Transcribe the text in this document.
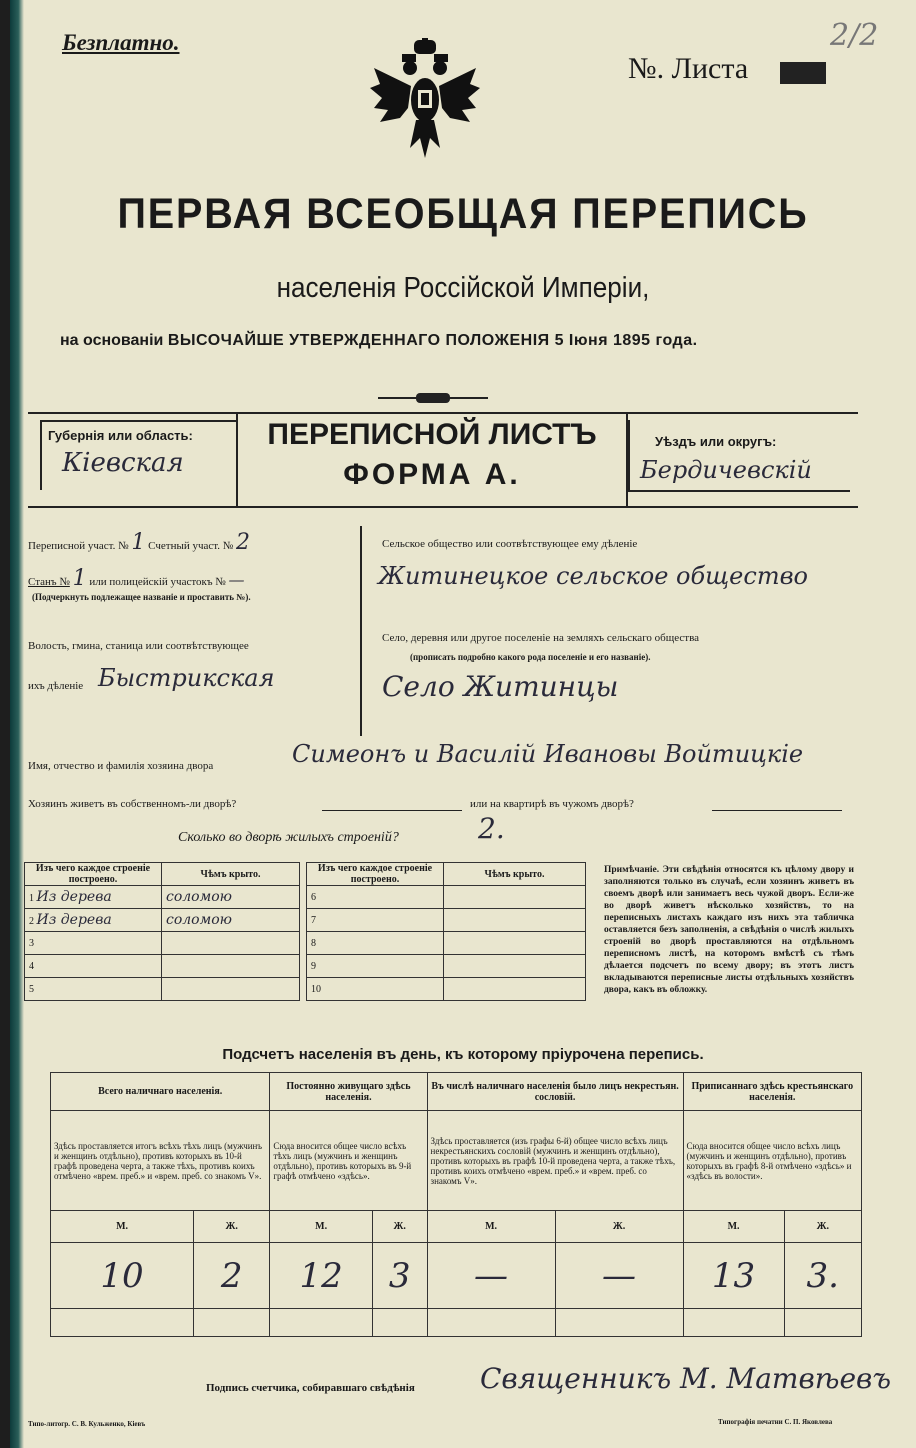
Безплатно.
№. Листа
2/2
ПЕРВАЯ ВСЕОБЩАЯ ПЕРЕПИСЬ
населенія Россійской Имперіи,
на основаніи ВЫСОЧАЙШЕ УТВЕРЖДЕННАГО ПОЛОЖЕНІЯ 5 Іюня 1895 года.
Губернія или область:
Кіевская
ПЕРЕПИСНОЙ ЛИСТЪ
ФОРМА А.
Уѣздъ или округъ:
Бердичевскій
Переписной участ. № 1 Счетный участ. № 2
Станъ № 1 или полицейскій участокъ № —
(Подчеркнуть подлежащее названіе и проставить №).
Волость, гмина, станица или соотвѣтствующее
ихъ дѣленіе Быстрикская
Сельское общество или соотвѣтствующее ему дѣленіе
Житинецкое сельское общество
Село, деревня или другое поселеніе на земляхъ сельскаго общества
(прописать подробно какого рода поселеніе и его названіе).
Село Житинцы
Имя, отчество и фамилія хозяина двора	Симеонъ и Василій Ивановы Войтицкіе
Хозяинъ живетъ въ собственномъ-ли дворѣ?	или на квартирѣ въ чужомъ дворѣ?
Сколько во дворѣ жилыхъ строеній?	2.
Изъ чего каждое строеніе построено.	Чѣмъ крыто.
1 Из дерева	соломою
2 Из дерева	соломою
3	
4	
5	
Изъ чего каждое строеніе построено.	Чѣмъ крыто.
6	
7	
8	
9	
10	
Примѣчаніе. Эти свѣдѣнія относятся къ цѣлому двору и заполняются только въ случаѣ, если хозяинъ живетъ въ своемъ дворѣ или занимаетъ весь чужой дворъ. Если-же во дворѣ живетъ нѣсколько хозяйствъ, то на переписныхъ листахъ каждаго изъ нихъ эта табличка оставляется безъ заполненія, а свѣдѣнія о числѣ жилыхъ строеній во дворѣ проставляются на отдѣльномъ переписномъ листѣ, на которомъ вмѣстѣ съ тѣмъ дѣлается подсчетъ по всему двору; въ этотъ листъ вкладываются переписные листы отдѣльныхъ хозяйствъ двора, какъ въ обложку.
Подсчетъ населенія въ день, къ которому пріурочена перепись.
Всего наличнаго населенія.		Постоянно живущаго здѣсь населенія.		Въ числѣ наличнаго населенія было лицъ некрестьян. сословій.		Приписаннаго здѣсь крестьянскаго населенія.	
Здѣсь проставляется итогъ всѣхъ тѣхъ лицъ (мужчинъ и женщинъ отдѣльно), противъ которыхъ въ 10-й графѣ проведена черта, а также тѣхъ, противъ коихъ отмѣчено «врем. преб.» и «врем. преб. со знакомъ V».		Сюда вносится общее число всѣхъ тѣхъ лицъ (мужчинъ и женщинъ отдѣльно), противъ которыхъ въ 9-й графѣ отмѣчено «здѣсь».		Здѣсь проставляется (изъ графы 6-й) общее число всѣхъ лицъ некрестьянскихъ сословій (мужчинъ и женщинъ отдѣльно), противъ которыхъ въ графѣ 10-й проведена черта, а также тѣхъ, противъ коихъ отмѣчено «врем. преб.» и «врем. преб. со знакомъ V».		Сюда вносится общее число всѣхъ лицъ (мужчинъ и женщинъ отдѣльно), противъ которыхъ въ графѣ 8-й отмѣчено «здѣсь» и «здѣсь въ волости».	
М.	Ж.	М.	Ж.	М.	Ж.	М.	Ж.
10	2	12	3	—	—	13	3.

Подпись счетчика, собиравшаго свѣдѣнія Священникъ М. Матвѣевъ
Типо-литогр. С. В. Кульженко, Кіевъ	Типографія печатни С. П. Яковлева
